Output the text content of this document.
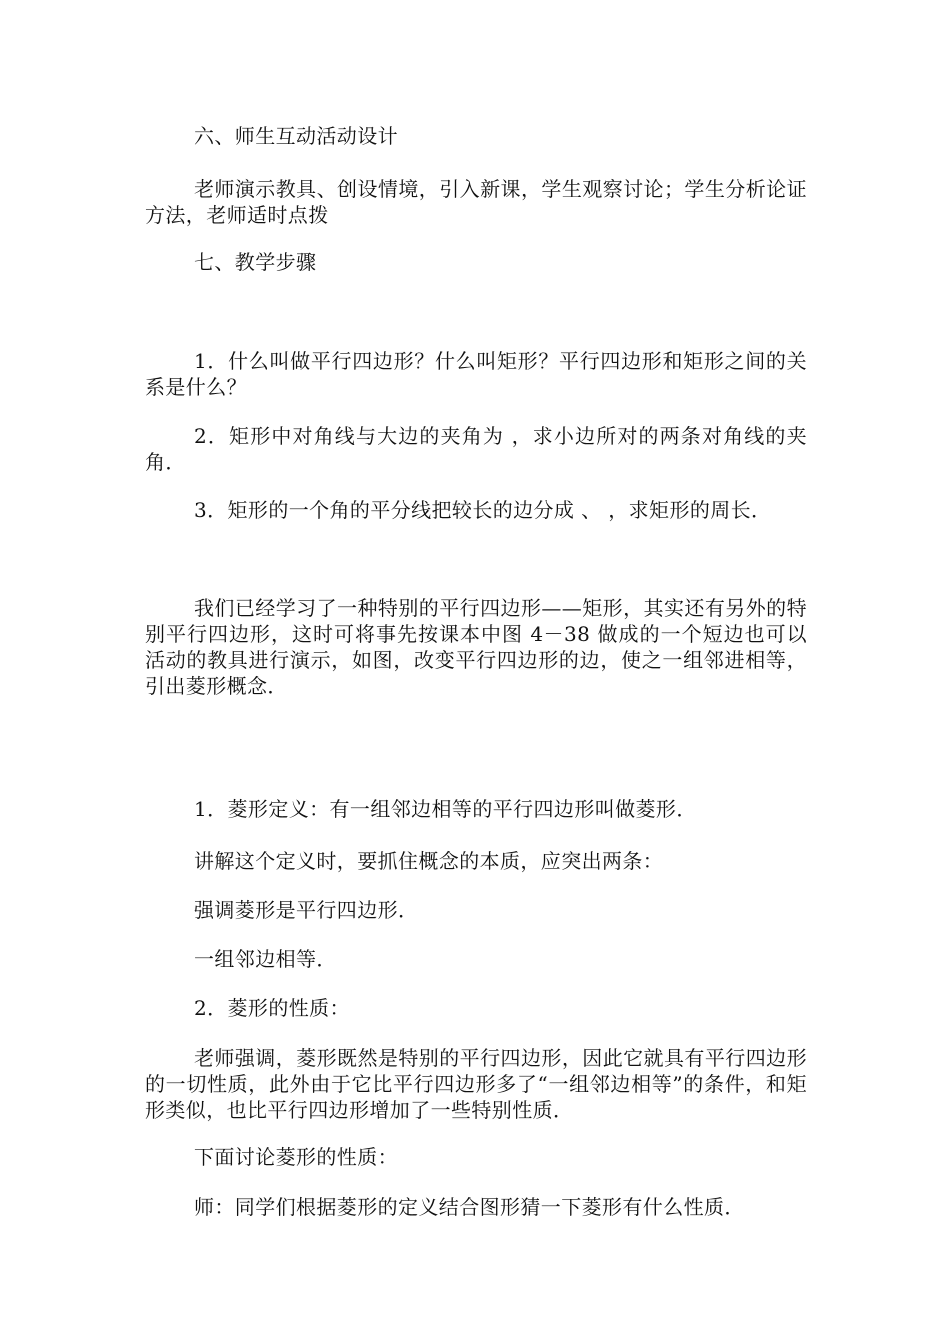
六、师生互动活动设计

老师演示教具、创设情境，引入新课，学生观察讨论；学生分析论证方法，老师适时点拨

七、教学步骤

1．什么叫做平行四边形？什么叫矩形？平行四边形和矩形之间的关系是什么？

2．矩形中对角线与大边的夹角为 ，求小边所对的两条对角线的夹角．

3．矩形的一个角的平分线把较长的边分成 、 ，求矩形的周长．

我们已经学习了一种特别的平行四边形——矩形，其实还有另外的特别平行四边形，这时可将事先按课本中图 4－38 做成的一个短边也可以活动的教具进行演示，如图，改变平行四边形的边，使之一组邻进相等，引出菱形概念．

1．菱形定义：有一组邻边相等的平行四边形叫做菱形．

讲解这个定义时，要抓住概念的本质，应突出两条：

强调菱形是平行四边形．

一组邻边相等．

2．菱形的性质：

老师强调，菱形既然是特别的平行四边形，因此它就具有平行四边形的一切性质，此外由于它比平行四边形多了“一组邻边相等”的条件，和矩形类似，也比平行四边形增加了一些特别性质．

下面讨论菱形的性质：

师：同学们根据菱形的定义结合图形猜一下菱形有什么性质．
